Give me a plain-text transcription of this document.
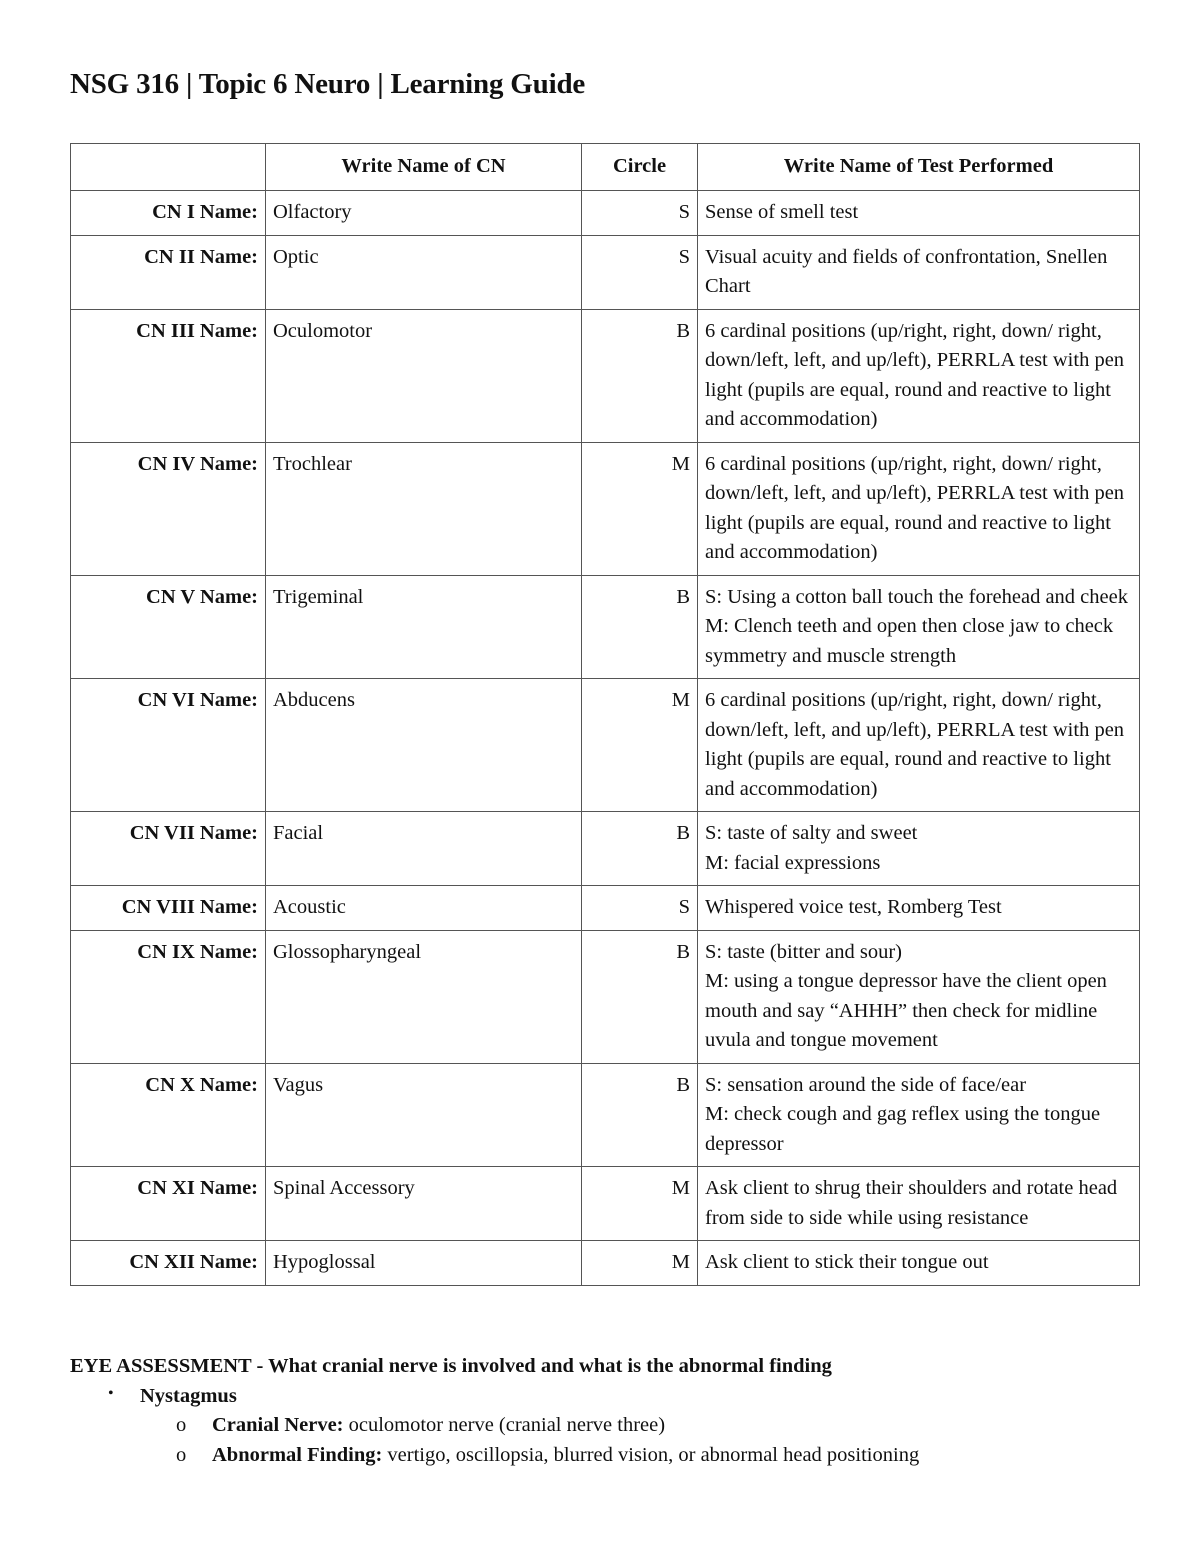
NSG 316 | Topic 6 Neuro | Learning Guide
	Write Name of CN	Circle	Write Name of Test Performed
CN I Name:	Olfactory	S	Sense of smell test

CN II Name:	Optic	S	Visual acuity and fields of confrontation, Snellen Chart

CN III Name:	Oculomotor	B	6 cardinal positions (up/right, right, down/ right, down/left, left, and up/left), PERRLA test with pen light (pupils are equal, round and reactive to light and accommodation)

CN IV Name:	Trochlear	M	6 cardinal positions (up/right, right, down/ right, down/left, left, and up/left), PERRLA test with pen light (pupils are equal, round and reactive to light and accommodation)

CN V Name:	Trigeminal	B	S: Using a cotton ball touch the forehead and cheek
M: Clench teeth and open then close jaw to check symmetry and muscle strength

CN VI Name:	Abducens	M	6 cardinal positions (up/right, right, down/ right, down/left, left, and up/left), PERRLA test with pen light (pupils are equal, round and reactive to light and accommodation)

CN VII Name:	Facial	B	S: taste of salty and sweet
M: facial expressions

CN VIII Name:	Acoustic	S	Whispered voice test, Romberg Test

CN IX Name:	Glossopharyngeal	B	S: taste (bitter and sour)
M: using a tongue depressor have the client open mouth and say “AHHH” then check for midline uvula and tongue movement

CN X Name:	Vagus	B	S: sensation around the side of face/ear
M: check cough and gag reflex using the tongue depressor

CN XI Name:	Spinal Accessory	M	Ask client to shrug their shoulders and rotate head from side to side while using resistance

CN XII Name:	Hypoglossal	M	Ask client to stick their tongue out
EYE ASSESSMENT - What cranial nerve is involved and what is the abnormal finding
• Nystagmus
o Cranial Nerve: oculomotor nerve (cranial nerve three)
o Abnormal Finding: vertigo, oscillopsia, blurred vision, or abnormal head positioning
